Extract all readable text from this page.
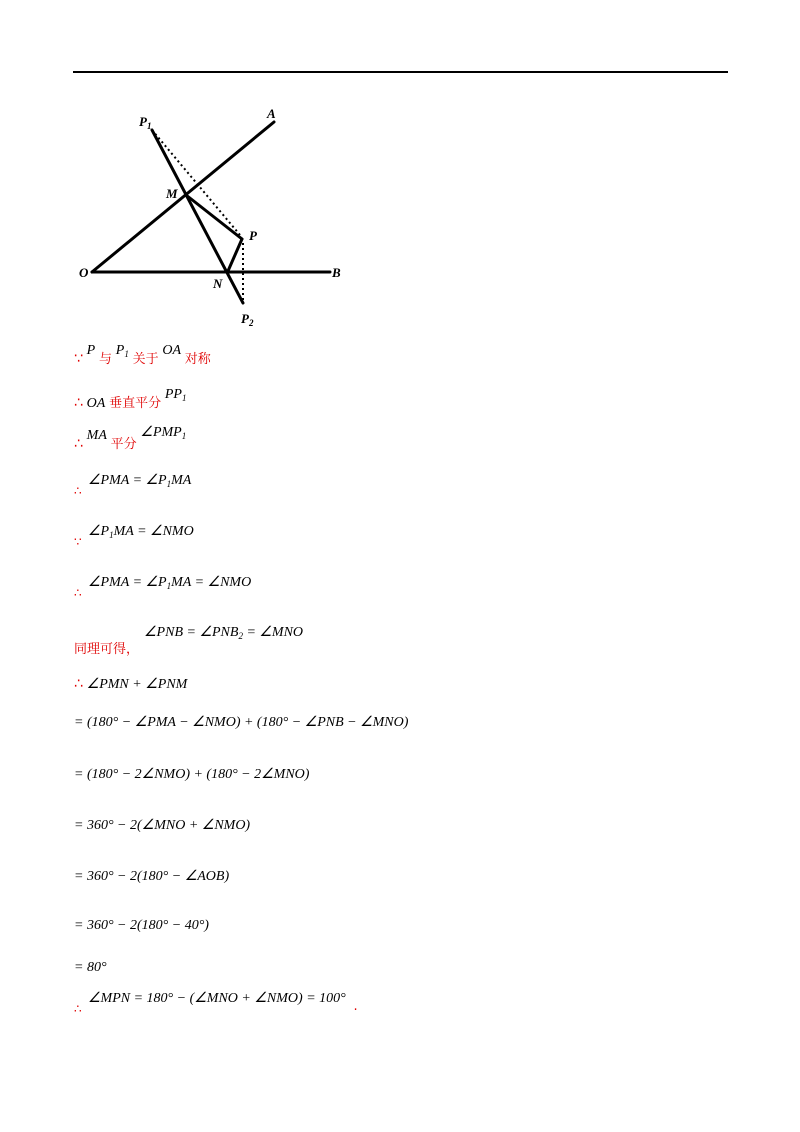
A
B
O
M
N
P
$P_1$
$P_2$
∵ P 与 $P_1$ 关于 OA 对称
∴ OA 垂直平分 $PP_1$
∴ MA 平分 $\angle PMP_1$
∠PMA = $\angle P_1MA$
∴
$\angle P_1MA$ = ∠NMO
∵
∠PMA = $\angle P_1MA$ = ∠NMO
∴
∠PNB = $\angle PNB_2$ = ∠MNO
同理可得，
∴ ∠PMN + ∠PNM
= (180° − ∠PMA − ∠NMO) + (180° − ∠PNB − ∠MNO)
= (180° − 2∠NMO) + (180° − 2∠MNO)
= 360° − 2(∠MNO + ∠NMO)
= 360° − 2(180° − ∠AOB)
= 360° − 2(180° − 40°)
= 80°
∠MPN = 180° − (∠MNO + ∠NMO) = 100° .
∴
